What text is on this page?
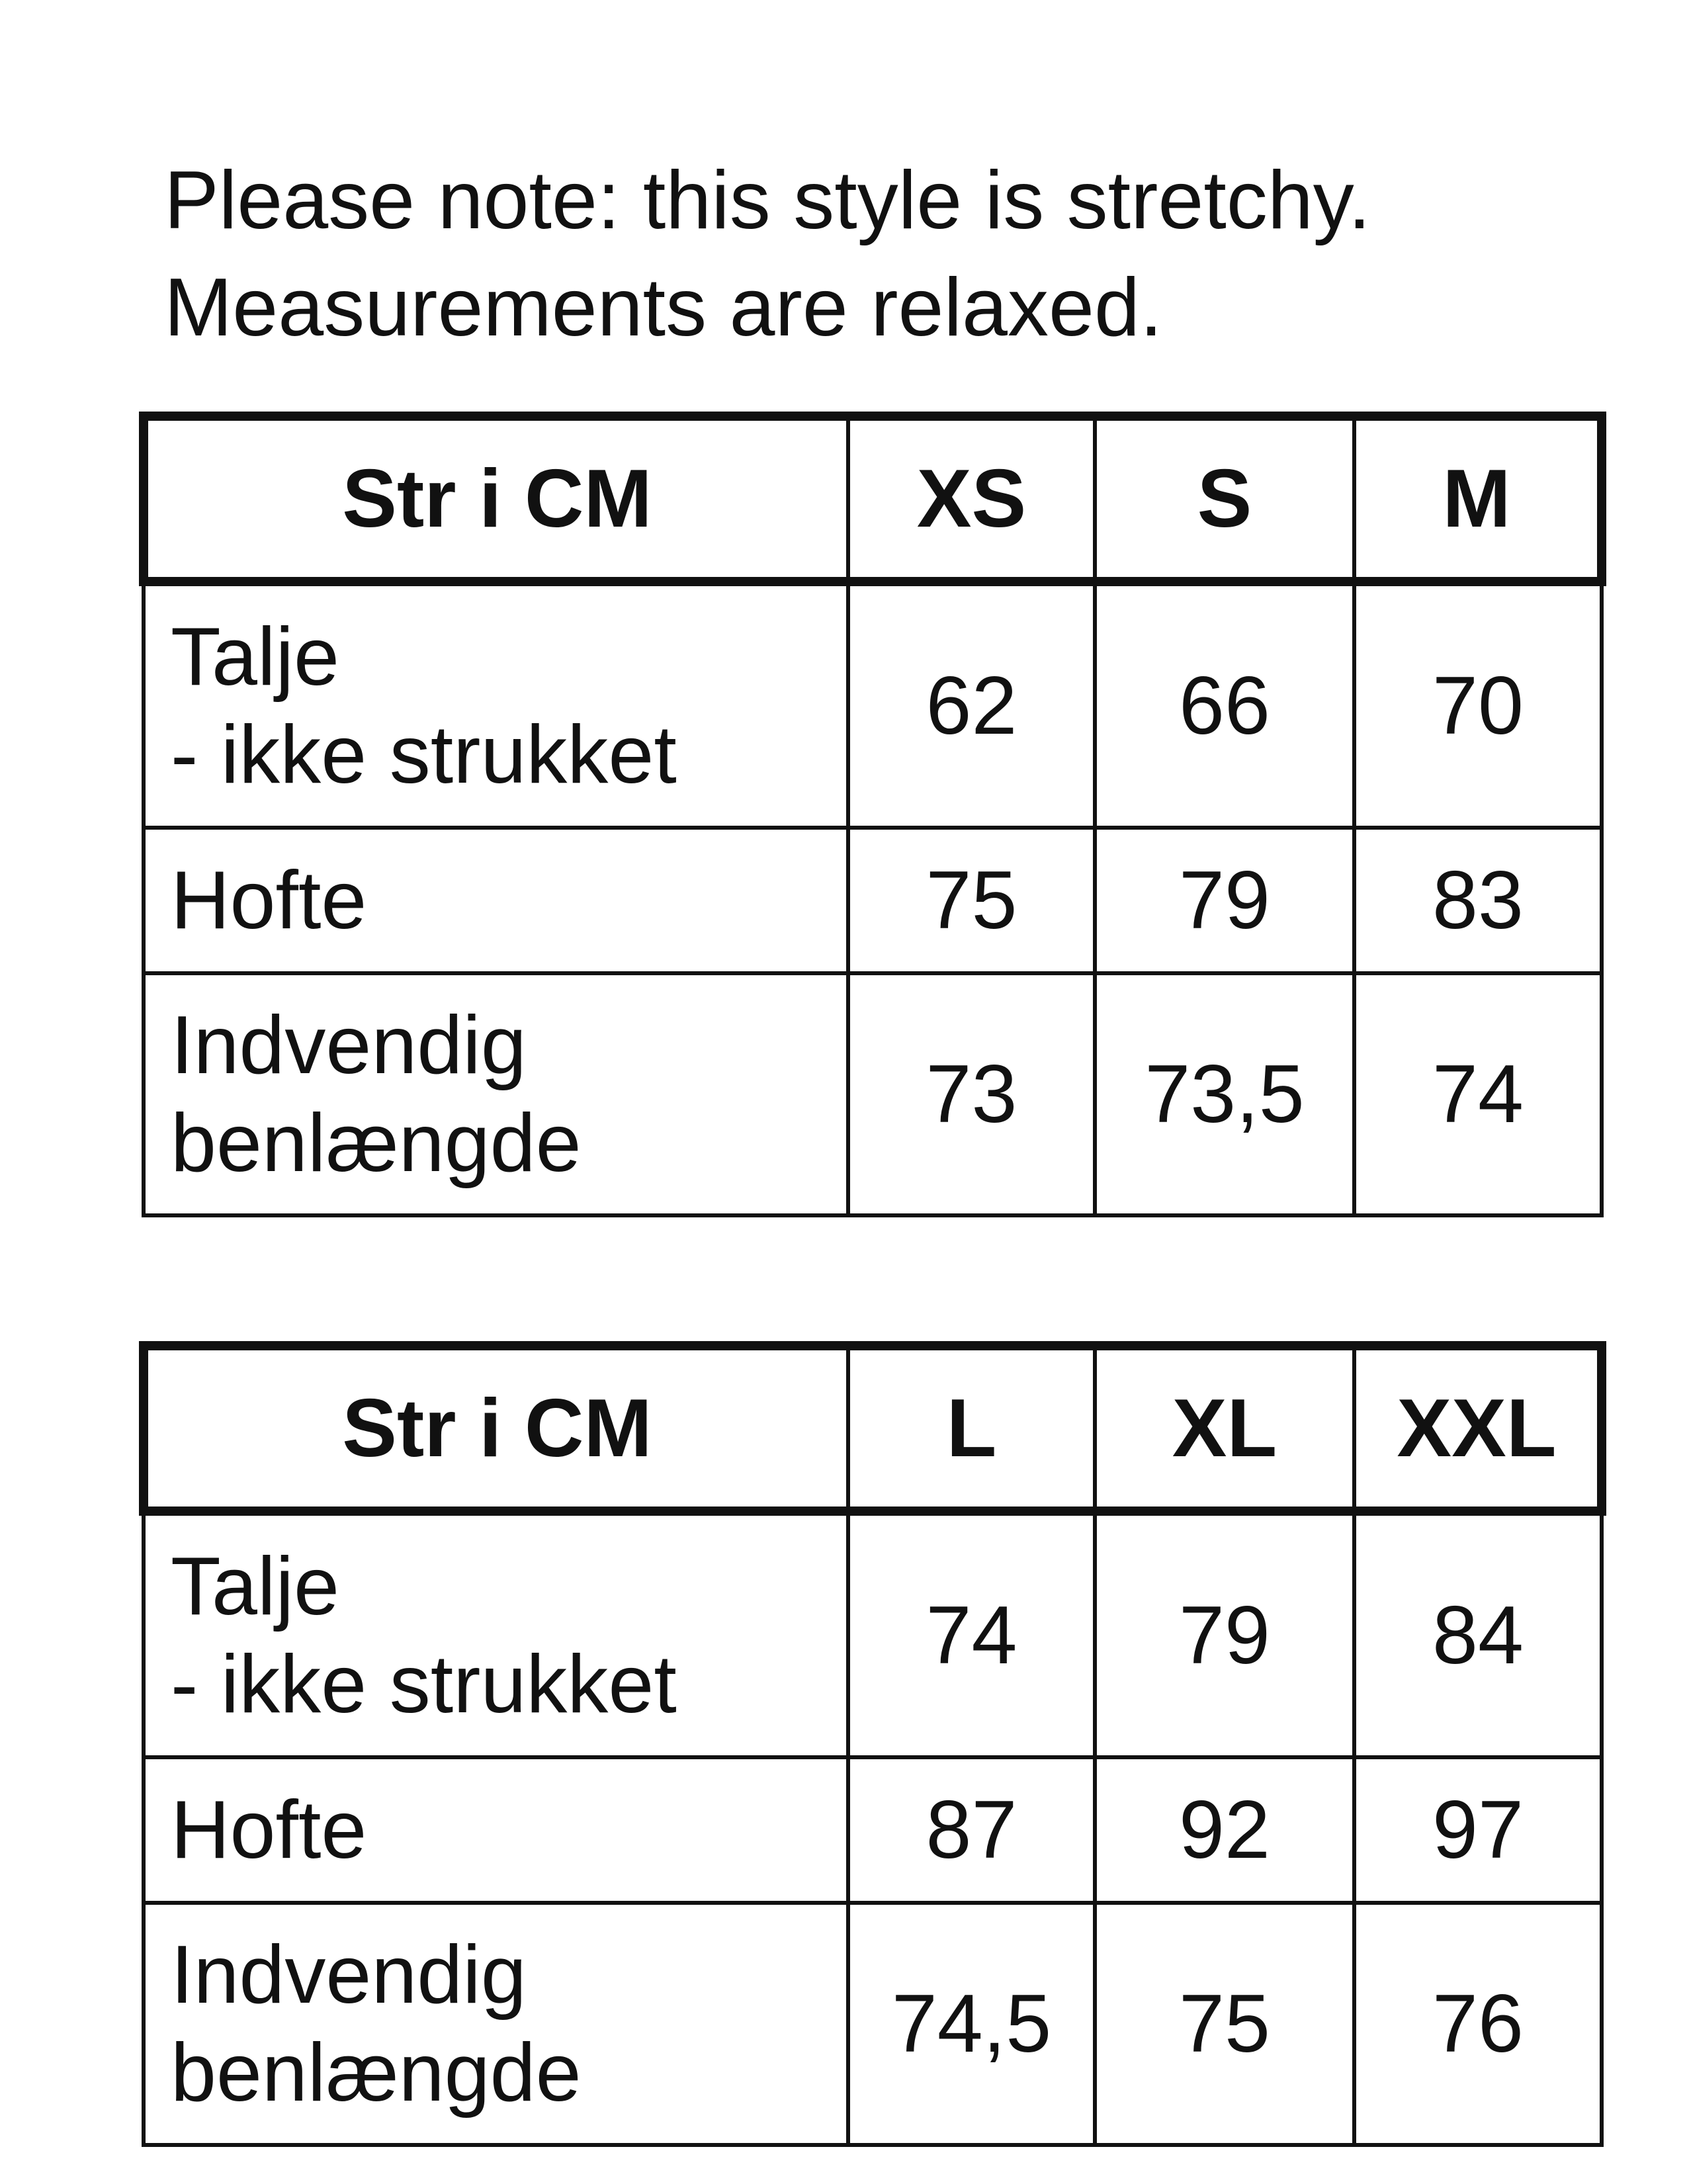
Please note: this style is stretchy.
Measurements are relaxed.
Str i CM	XS	S	M

Talje
- ikke strukket	62	66	70

Hofte	75	79	83

Indvendig
benlængde	73	73,5	74
Str i CM	L	XL	XXL

Talje
- ikke strukket	74	79	84

Hofte	87	92	97

Indvendig
benlængde	74,5	75	76
